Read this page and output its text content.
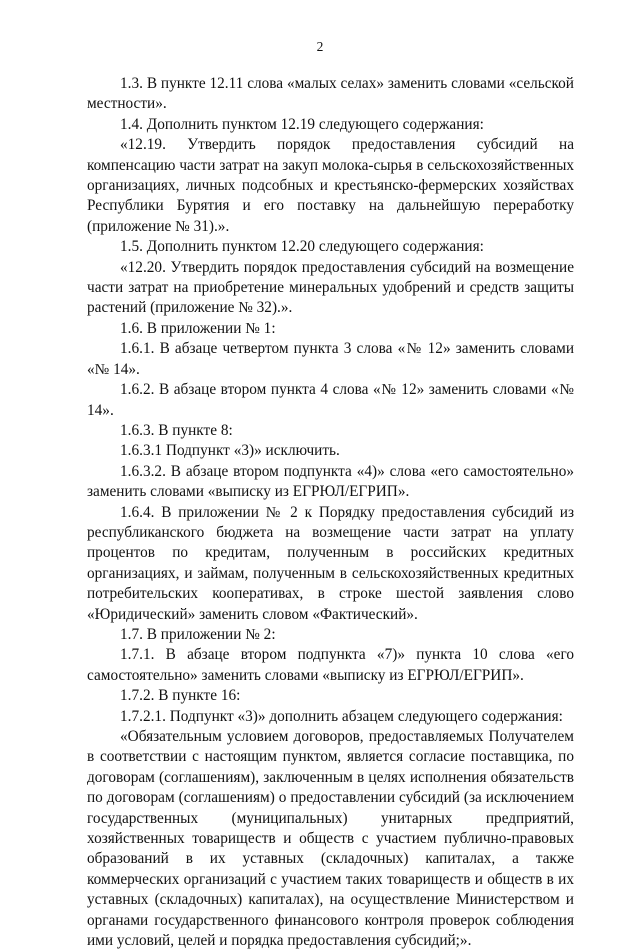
2

1.3. В пункте 12.11 слова «малых селах» заменить словами «сельской местности».

1.4. Дополнить пунктом 12.19 следующего содержания:

«12.19. Утвердить порядок предоставления субсидий на компенсацию части затрат на закуп молока-сырья в сельскохозяйственных организациях, личных подсобных и крестьянско-фермерских хозяйствах Республики Бурятия и его поставку на дальнейшую переработку (приложение № 31).».

1.5. Дополнить пунктом 12.20 следующего содержания:

«12.20. Утвердить порядок предоставления субсидий на возмещение части затрат на приобретение минеральных удобрений и средств защиты растений (приложение № 32).».

1.6. В приложении № 1:

1.6.1. В абзаце четвертом пункта 3 слова «№ 12» заменить словами «№ 14».

1.6.2. В абзаце втором пункта 4 слова «№ 12» заменить словами «№ 14».

1.6.3. В пункте 8:

1.6.3.1 Подпункт «3)» исключить.

1.6.3.2. В абзаце втором подпункта «4)» слова «его самостоятельно» заменить словами «выписку из ЕГРЮЛ/ЕГРИП».

1.6.4. В приложении № 2 к Порядку предоставления субсидий из республиканского бюджета на возмещение части затрат на уплату процентов по кредитам, полученным в российских кредитных организациях, и займам, полученным в сельскохозяйственных кредитных потребительских кооперативах, в строке шестой заявления слово «Юридический» заменить словом «Фактический».

1.7. В приложении № 2:

1.7.1. В абзаце втором подпункта «7)» пункта 10 слова «его самостоятельно» заменить словами «выписку из ЕГРЮЛ/ЕГРИП».

1.7.2. В пункте 16:

1.7.2.1. Подпункт «3)» дополнить абзацем следующего содержания:

«Обязательным условием договоров, предоставляемых Получателем в соответствии с настоящим пунктом, является согласие поставщика, по договорам (соглашениям), заключенным в целях исполнения обязательств по договорам (соглашениям) о предоставлении субсидий (за исключением государственных (муниципальных) унитарных предприятий, хозяйственных товариществ и обществ с участием публично-правовых образований в их уставных (складочных) капиталах, а также коммерческих организаций с участием таких товариществ и обществ в их уставных (складочных) капиталах), на осуществление Министерством и органами государственного финансового контроля проверок соблюдения ими условий, целей и порядка предоставления субсидий;».
